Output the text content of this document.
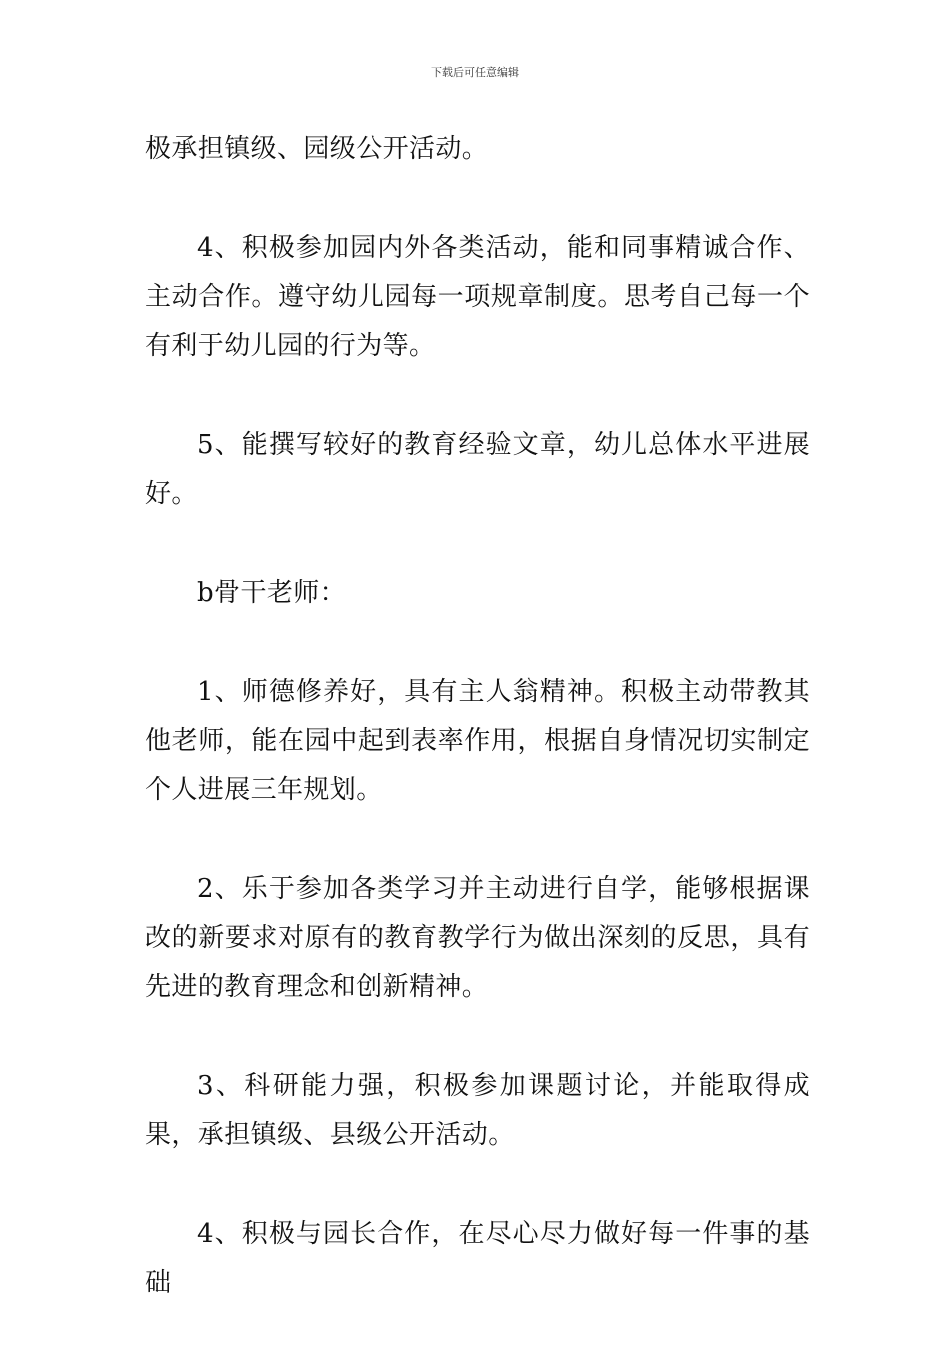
下载后可任意编辑

极承担镇级、园级公开活动。

4、积极参加园内外各类活动，能和同事精诚合作、主动合作。遵守幼儿园每一项规章制度。思考自己每一个有利于幼儿园的行为等。

5、能撰写较好的教育经验文章，幼儿总体水平进展好。

b骨干老师：

1、师德修养好，具有主人翁精神。积极主动带教其他老师，能在园中起到表率作用，根据自身情况切实制定个人进展三年规划。

2、乐于参加各类学习并主动进行自学，能够根据课改的新要求对原有的教育教学行为做出深刻的反思，具有先进的教育理念和创新精神。

3、科研能力强，积极参加课题讨论，并能取得成果，承担镇级、县级公开活动。

4、积极与园长合作，在尽心尽力做好每一件事的基础
